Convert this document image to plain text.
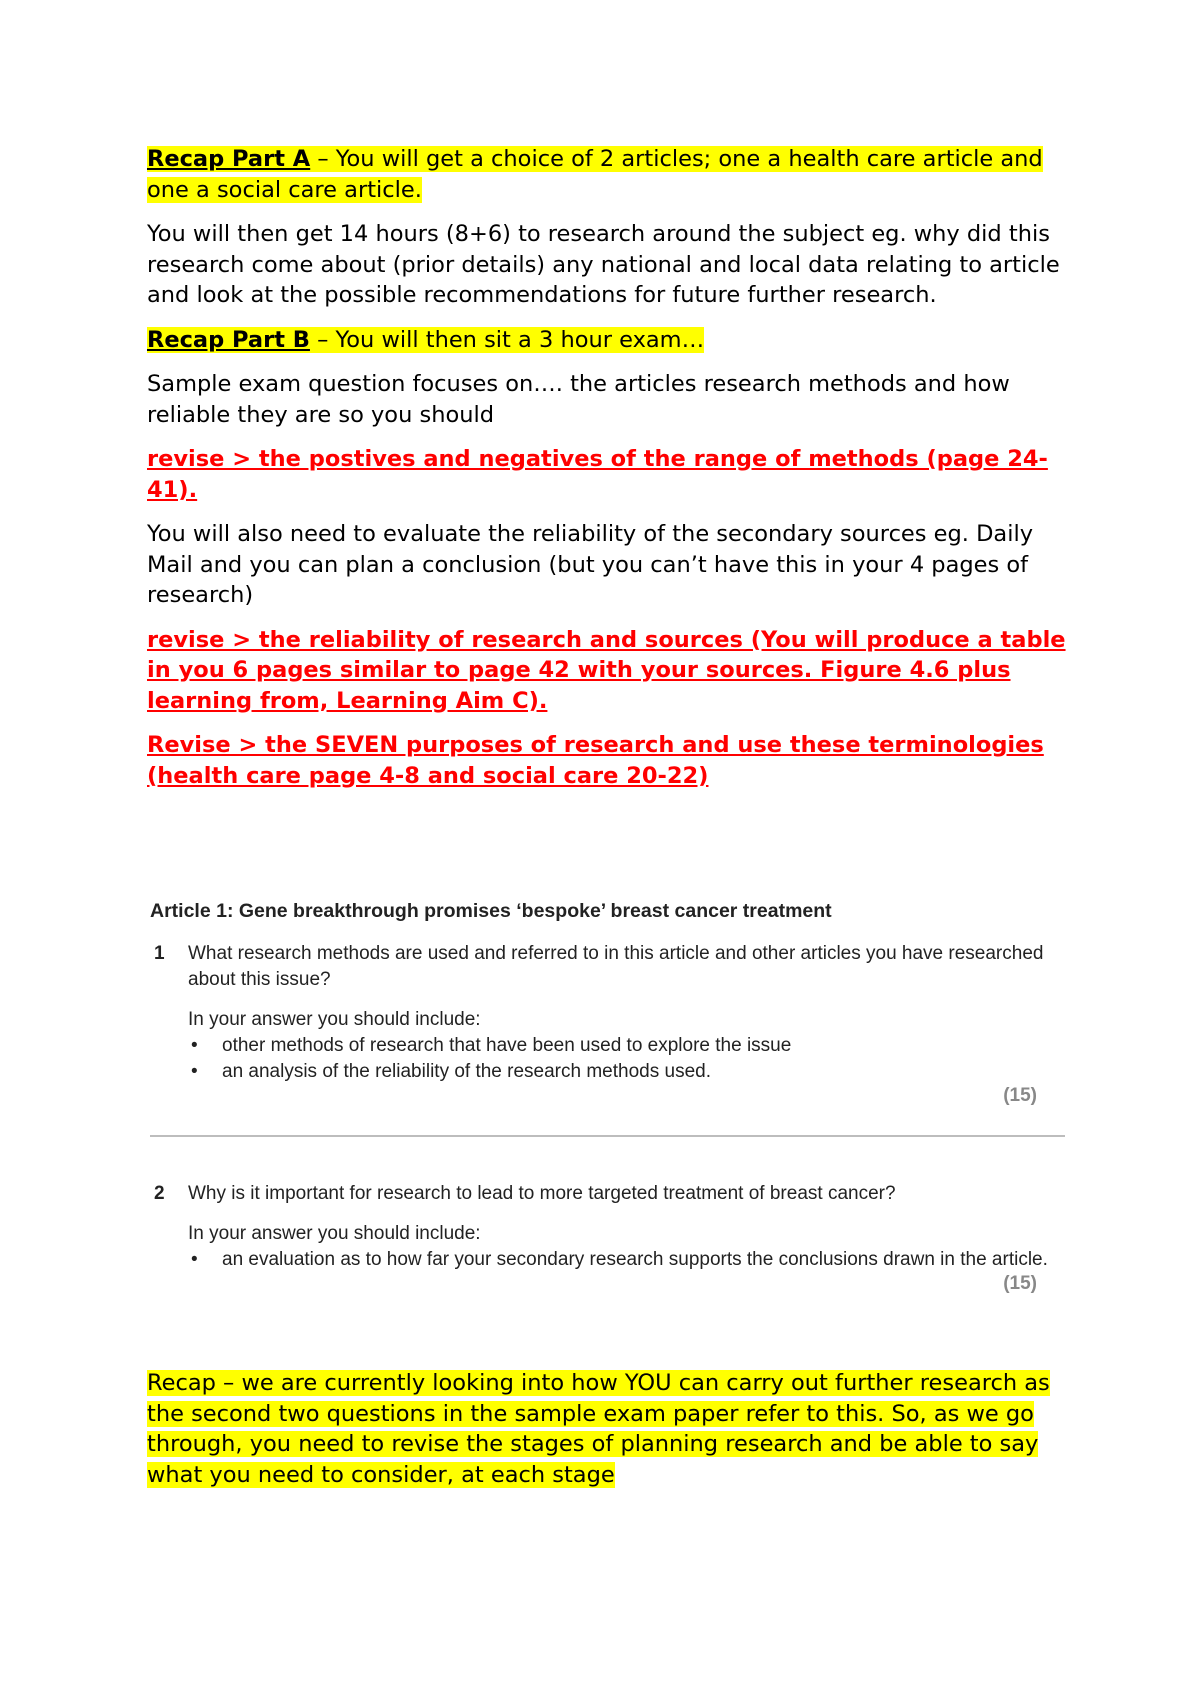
Recap Part A – You will get a choice of 2 articles; one a health care article and one a social care article.

You will then get 14 hours (8+6) to research around the subject eg. why did this research come about (prior details) any national and local data relating to article and look at the possible recommendations for future further research.

Recap Part B – You will then sit a 3 hour exam…

Sample exam question focuses on…. the articles research methods and how reliable they are so you should

revise > the postives and negatives of the range of methods (page 24-41).

You will also need to evaluate the reliability of the secondary sources eg. Daily Mail and you can plan a conclusion (but you can’t have this in your 4 pages of research)

revise > the reliability of research and sources (You will produce a table in you 6 pages similar to page 42 with your sources. Figure 4.6 plus learning from, Learning Aim C).

Revise > the SEVEN purposes of research and use these terminologies (health care page 4-8 and social care 20-22)

Article 1: Gene breakthrough promises ‘bespoke’ breast cancer treatment

1 What research methods are used and referred to in this article and other articles you have researched about this issue?

In your answer you should include:

• other methods of research that have been used to explore the issue
• an analysis of the reliability of the research methods used.
(15)
2 Why is it important for research to lead to more targeted treatment of breast cancer?

In your answer you should include:

• an evaluation as to how far your secondary research supports the conclusions drawn in the article.
(15)

Recap – we are currently looking into how YOU can carry out further research as the second two questions in the sample exam paper refer to this. So, as we go through, you need to revise the stages of planning research and be able to say what you need to consider, at each stage
